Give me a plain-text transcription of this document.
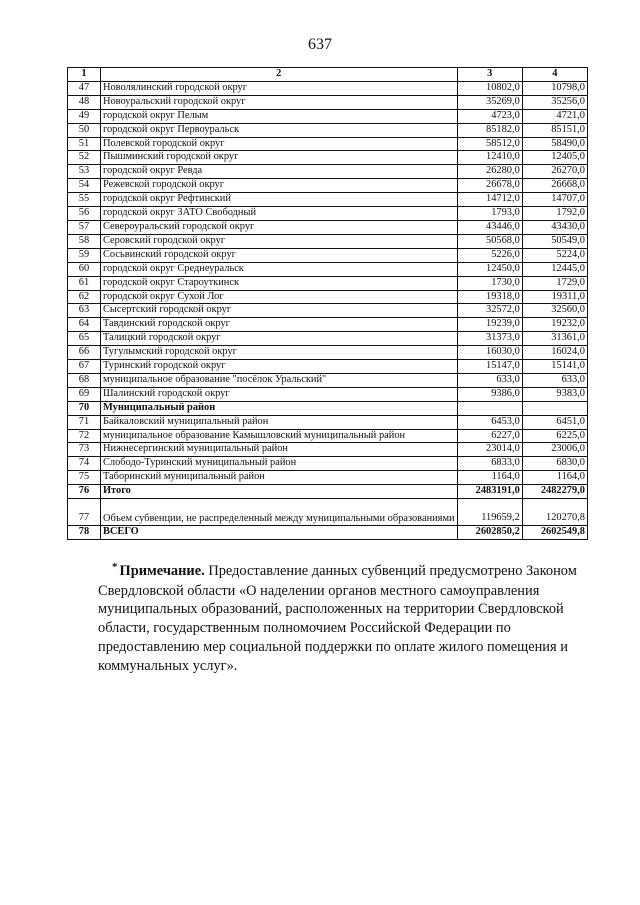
637
1	2	3	4
47	Новолялинский городской округ	10802,0	10798,0
48	Новоуральский городской округ	35269,0	35256,0
49	городской округ Пелым	4723,0	4721,0
50	городской округ Первоуральск	85182,0	85151,0
51	Полевской городской округ	58512,0	58490,0
52	Пышминский городской округ	12410,0	12405,0
53	городской округ Ревда	26280,0	26270,0
54	Режевской городской округ	26678,0	26668,0
55	городской округ Рефтинский	14712,0	14707,0
56	городской округ ЗАТО Свободный	1793,0	1792,0
57	Североуральский городской округ	43446,0	43430,0
58	Серовский городской округ	50568,0	50549,0
59	Сосьвинский городской округ	5226,0	5224,0
60	городской округ Среднеуральск	12450,0	12445,0
61	городской округ Староуткинск	1730,0	1729,0
62	городской округ Сухой Лог	19318,0	19311,0
63	Сысертский городской округ	32572,0	32560,0
64	Тавдинский городской округ	19239,0	19232,0
65	Талицкий городской округ	31373,0	31361,0
66	Тугулымский городской округ	16030,0	16024,0
67	Туринский городской округ	15147,0	15141,0
68	муниципальное образование "посёлок Уральский"	633,0	633,0
69	Шалинский городской округ	9386,0	9383,0
70	Муниципальный район		
71	Байкаловский муниципальный район	6453,0	6451,0
72	муниципальное образование Камышловский муниципальный район	6227,0	6225,0
73	Нижнесергинский муниципальный район	23014,0	23006,0
74	Слободо-Туринский муниципальный район	6833,0	6830,0
75	Таборинский муниципальный район	1164,0	1164,0
76	Итого	2483191,0	2482279,0
77	Объем субвенции, не распределенный между муниципальными образованиями	119659,2	120270,8
78	ВСЕГО	2602850,2	2602549,8
* Примечание. Предоставление данных субвенций предусмотрено Законом Свердловской области «О наделении органов местного самоуправления муниципальных образований, расположенных на территории Свердловской области, государственным полномочием Российской Федерации по предоставлению мер социальной поддержки по оплате жилого помещения и коммунальных услуг».
